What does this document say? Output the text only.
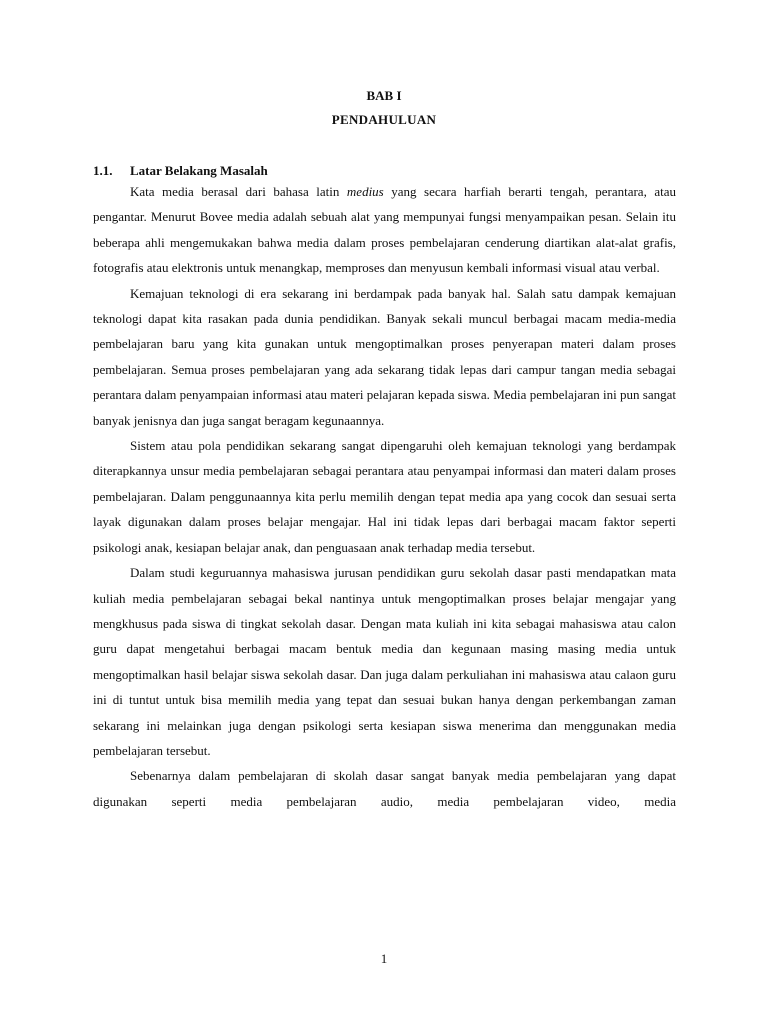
BAB I
PENDAHULUAN
1.1. Latar Belakang Masalah

Kata media berasal dari bahasa latin medius yang secara harfiah berarti tengah, perantara, atau pengantar. Menurut Bovee media adalah sebuah alat yang mempunyai fungsi menyampaikan pesan. Selain itu beberapa ahli mengemukakan bahwa media dalam proses pembelajaran cenderung diartikan alat-alat grafis, fotografis atau elektronis untuk menangkap, memproses dan menyusun kembali informasi visual atau verbal.

Kemajuan teknologi di era sekarang ini berdampak pada banyak hal. Salah satu dampak kemajuan teknologi dapat kita rasakan pada dunia pendidikan. Banyak sekali muncul berbagai macam media-media pembelajaran baru yang kita gunakan untuk mengoptimalkan proses penyerapan materi dalam proses pembelajaran. Semua proses pembelajaran yang ada sekarang tidak lepas dari campur tangan media sebagai perantara dalam penyampaian informasi atau materi pelajaran kepada siswa. Media pembelajaran ini pun sangat banyak jenisnya dan juga sangat beragam kegunaannya.

Sistem atau pola pendidikan sekarang sangat dipengaruhi oleh kemajuan teknologi yang berdampak diterapkannya unsur media pembelajaran sebagai perantara atau penyampai informasi dan materi dalam proses pembelajaran. Dalam penggunaannya kita perlu memilih dengan tepat media apa yang cocok dan sesuai serta layak digunakan dalam proses belajar mengajar. Hal ini tidak lepas dari berbagai macam faktor seperti psikologi anak, kesiapan belajar anak, dan penguasaan anak terhadap media tersebut.

Dalam studi keguruannya mahasiswa jurusan pendidikan guru sekolah dasar pasti mendapatkan mata kuliah media pembelajaran sebagai bekal nantinya untuk mengoptimalkan proses belajar mengajar yang mengkhusus pada siswa di tingkat sekolah dasar. Dengan mata kuliah ini kita sebagai mahasiswa atau calon guru dapat mengetahui berbagai macam bentuk media dan kegunaan masing masing media untuk mengoptimalkan hasil belajar siswa sekolah dasar. Dan juga dalam perkuliahan ini mahasiswa atau calaon guru ini di tuntut untuk bisa memilih media yang tepat dan sesuai bukan hanya dengan perkembangan zaman sekarang ini melainkan juga dengan psikologi serta kesiapan siswa menerima dan menggunakan media pembelajaran tersebut.

Sebenarnya dalam pembelajaran di skolah dasar sangat banyak media pembelajaran yang dapat digunakan seperti media pembelajaran audio, media pembelajaran video, media

1
